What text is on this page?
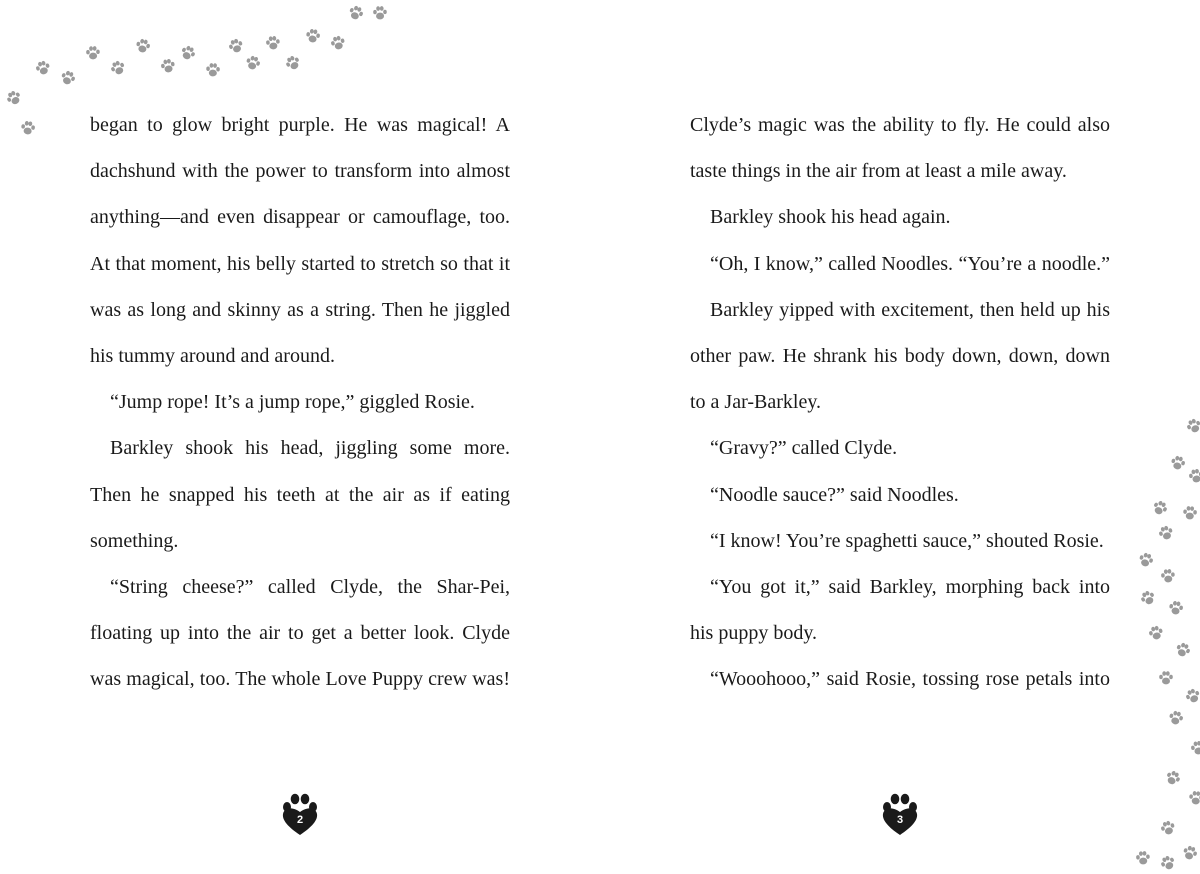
began to glow bright purple. He was magical! A dachshund with the power to transform into almost anything—and even disappear or camouflage, too. At that moment, his belly started to stretch so that it was as long and skinny as a string. Then he jiggled his tummy around and around.

“Jump rope! It’s a jump rope,” giggled Rosie.

Barkley shook his head, jiggling some more. Then he snapped his teeth at the air as if eating something.

“String cheese?” called Clyde, the Shar-Pei, floating up into the air to get a better look. Clyde was magical, too. The whole Love Puppy crew was!

2

Clyde’s magic was the ability to fly. He could also taste things in the air from at least a mile away.

Barkley shook his head again.

“Oh, I know,” called Noodles. “You’re a noodle.”

Barkley yipped with excitement, then held up his other paw. He shrank his body down, down, down to a Jar-Barkley.

“Gravy?” called Clyde.

“Noodle sauce?” said Noodles.

“I know! You’re spaghetti sauce,” shouted Rosie.

“You got it,” said Barkley, morphing back into his puppy body.

“Wooohooo,” said Rosie, tossing rose petals into

3
